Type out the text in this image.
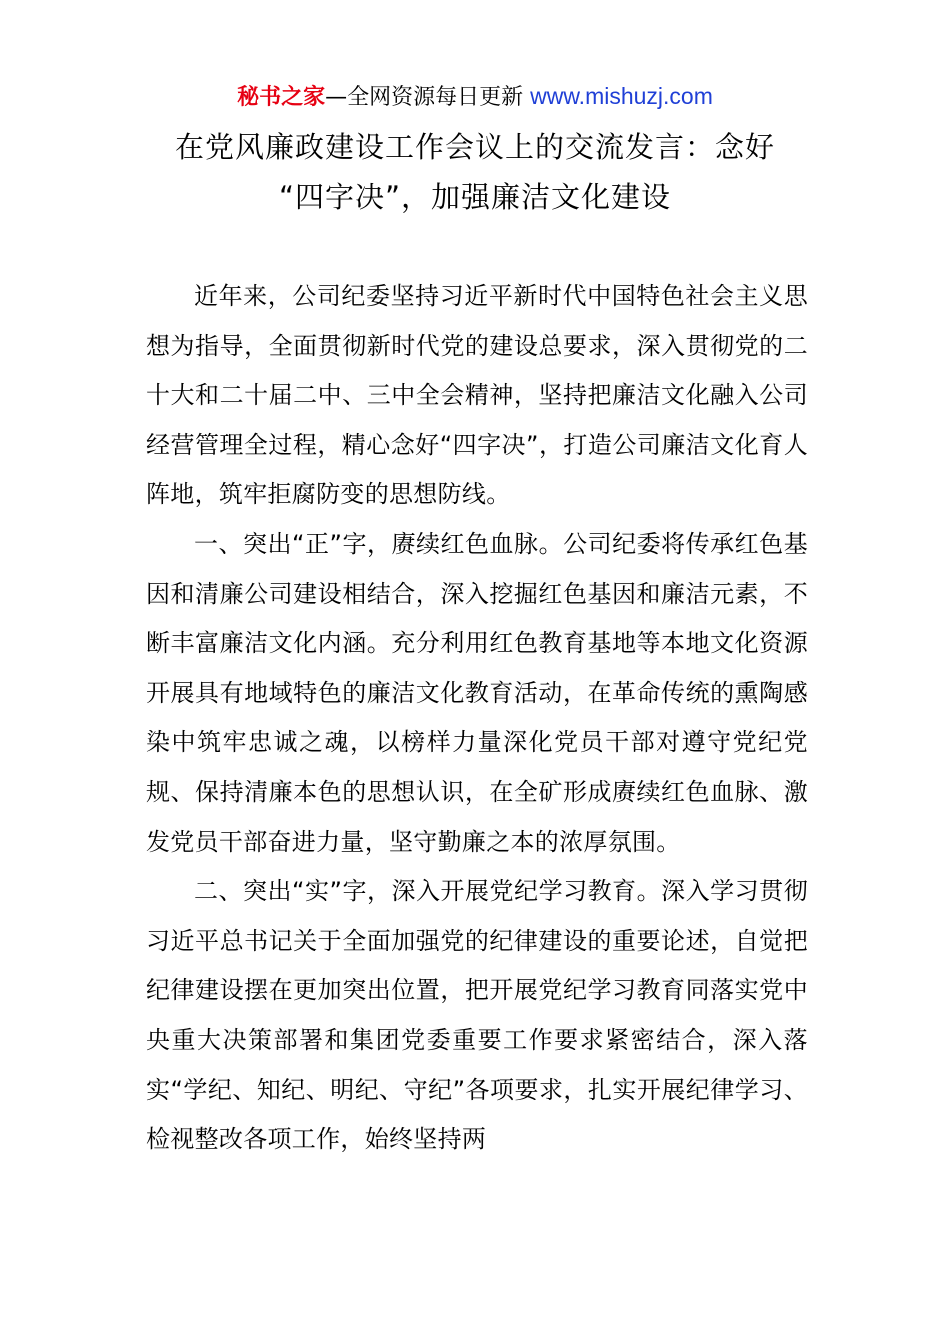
秘书之家—全网资源每日更新 www.mishuzj.com
在党风廉政建设工作会议上的交流发言：念好
“四字决”，加强廉洁文化建设

近年来，公司纪委坚持习近平新时代中国特色社会主义思想为指导，全面贯彻新时代党的建设总要求，深入贯彻党的二十大和二十届二中、三中全会精神，坚持把廉洁文化融入公司经营管理全过程，精心念好“四字决”，打造公司廉洁文化育人阵地，筑牢拒腐防变的思想防线。

一、突出“正”字，赓续红色血脉。公司纪委将传承红色基因和清廉公司建设相结合，深入挖掘红色基因和廉洁元素，不断丰富廉洁文化内涵。充分利用红色教育基地等本地文化资源开展具有地域特色的廉洁文化教育活动，在革命传统的熏陶感染中筑牢忠诚之魂，以榜样力量深化党员干部对遵守党纪党规、保持清廉本色的思想认识，在全矿形成赓续红色血脉、激发党员干部奋进力量，坚守勤廉之本的浓厚氛围。

二、突出“实”字，深入开展党纪学习教育。深入学习贯彻习近平总书记关于全面加强党的纪律建设的重要论述，自觉把纪律建设摆在更加突出位置，把开展党纪学习教育同落实党中央重大决策部署和集团党委重要工作要求紧密结合，深入落实“学纪、知纪、明纪、守纪”各项要求，扎实开展纪律学习、检视整改各项工作，始终坚持两
